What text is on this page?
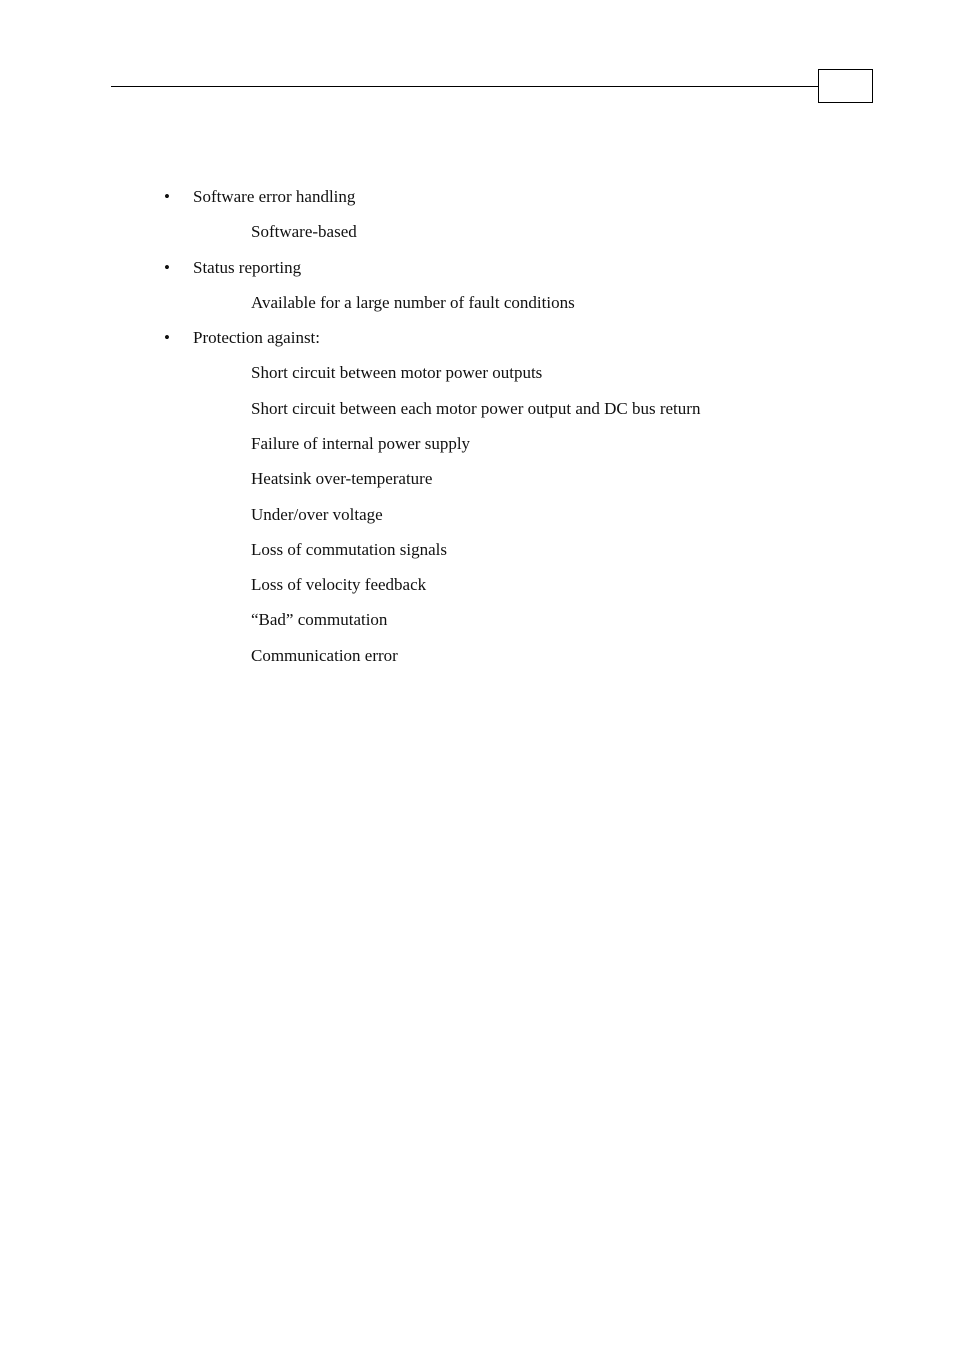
• Software error handling
Software-based
• Status reporting
Available for a large number of fault conditions
• Protection against:
Short circuit between motor power outputs
Short circuit between each motor power output and DC bus return
Failure of internal power supply
Heatsink over-temperature
Under/over voltage
Loss of commutation signals
Loss of velocity feedback
“Bad” commutation
Communication error
